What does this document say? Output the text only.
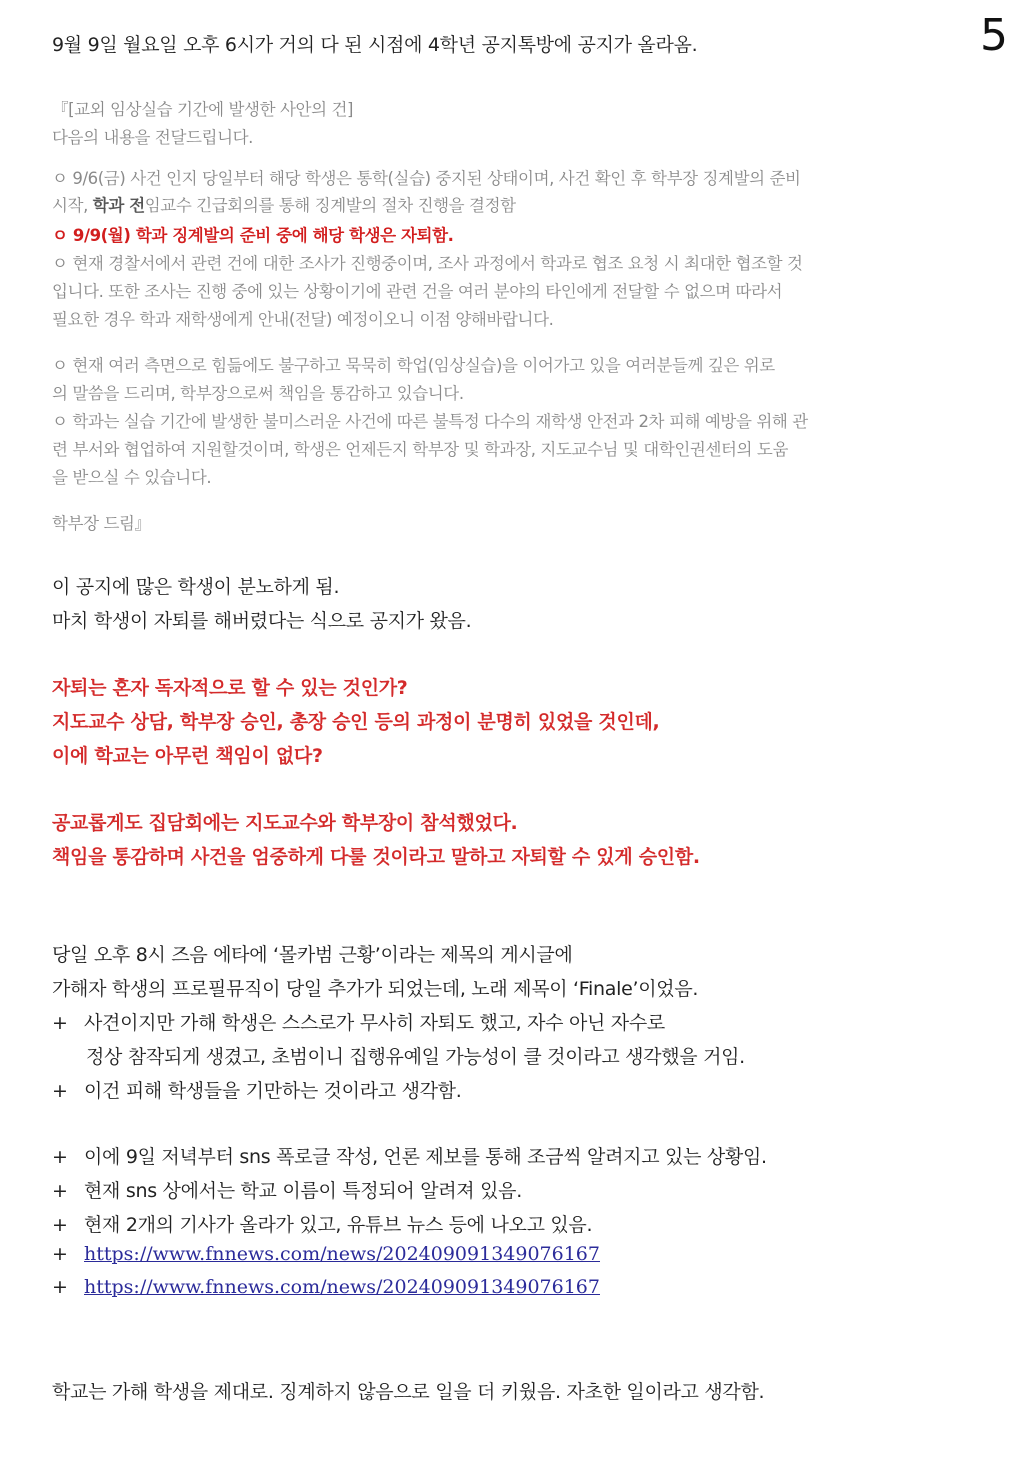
5
9월 9일 월요일 오후 6시가 거의 다 된 시점에 4학년 공지톡방에 공지가 올라옴.
『[교외 임상실습 기간에 발생한 사안의 건]
다음의 내용을 전달드립니다.
ㅇ 9/6(금) 사건 인지 당일부터 해당 학생은 통학(실습) 중지된 상태이며, 사건 확인 후 학부장 징계발의 준비
시작, 학과 전임교수 긴급회의를 통해 징계발의 절차 진행을 결정함
ㅇ 9/9(월) 학과 징계발의 준비 중에 해당 학생은 자퇴함.
ㅇ 현재 경찰서에서 관련 건에 대한 조사가 진행중이며, 조사 과정에서 학과로 협조 요청 시 최대한 협조할 것
입니다. 또한 조사는 진행 중에 있는 상황이기에 관련 건을 여러 분야의 타인에게 전달할 수 없으며 따라서
필요한 경우 학과 재학생에게 안내(전달) 예정이오니 이점 양해바랍니다.
ㅇ 현재 여러 측면으로 힘듦에도 불구하고 묵묵히 학업(임상실습)을 이어가고 있을 여러분들께 깊은 위로
의 말씀을 드리며, 학부장으로써 책임을 통감하고 있습니다.
ㅇ 학과는 실습 기간에 발생한 불미스러운 사건에 따른 불특정 다수의 재학생 안전과 2차 피해 예방을 위해 관
련 부서와 협업하여 지원할것이며, 학생은 언제든지 학부장 및 학과장, 지도교수님 및 대학인권센터의 도움
을 받으실 수 있습니다.
학부장 드림』
이 공지에 많은 학생이 분노하게 됨.
마치 학생이 자퇴를 해버렸다는 식으로 공지가 왔음.
자퇴는 혼자 독자적으로 할 수 있는 것인가?
지도교수 상담, 학부장 승인, 총장 승인 등의 과정이 분명히 있었을 것인데,
이에 학교는 아무런 책임이 없다?
공교롭게도 집담회에는 지도교수와 학부장이 참석했었다.
책임을 통감하며 사건을 엄중하게 다룰 것이라고 말하고 자퇴할 수 있게 승인함.
당일 오후 8시 즈음 에타에 ‘몰카범 근황’이라는 제목의 게시글에
가해자 학생의 프로필뮤직이 당일 추가가 되었는데, 노래 제목이 ‘Finale’이었음.
+ 사견이지만 가해 학생은 스스로가 무사히 자퇴도 했고, 자수 아닌 자수로
정상 참작되게 생겼고, 초범이니 집행유예일 가능성이 클 것이라고 생각했을 거임.
+ 이건 피해 학생들을 기만하는 것이라고 생각함.
+ 이에 9일 저녁부터 sns 폭로글 작성, 언론 제보를 통해 조금씩 알려지고 있는 상황임.
+ 현재 sns 상에서는 학교 이름이 특정되어 알려져 있음.
+ 현재 2개의 기사가 올라가 있고, 유튜브 뉴스 등에 나오고 있음.
+ https://www.fnnews.com/news/202409091349076167
+ https://www.fnnews.com/news/202409091349076167
학교는 가해 학생을 제대로. 징계하지 않음으로 일을 더 키웠음. 자초한 일이라고 생각함.
